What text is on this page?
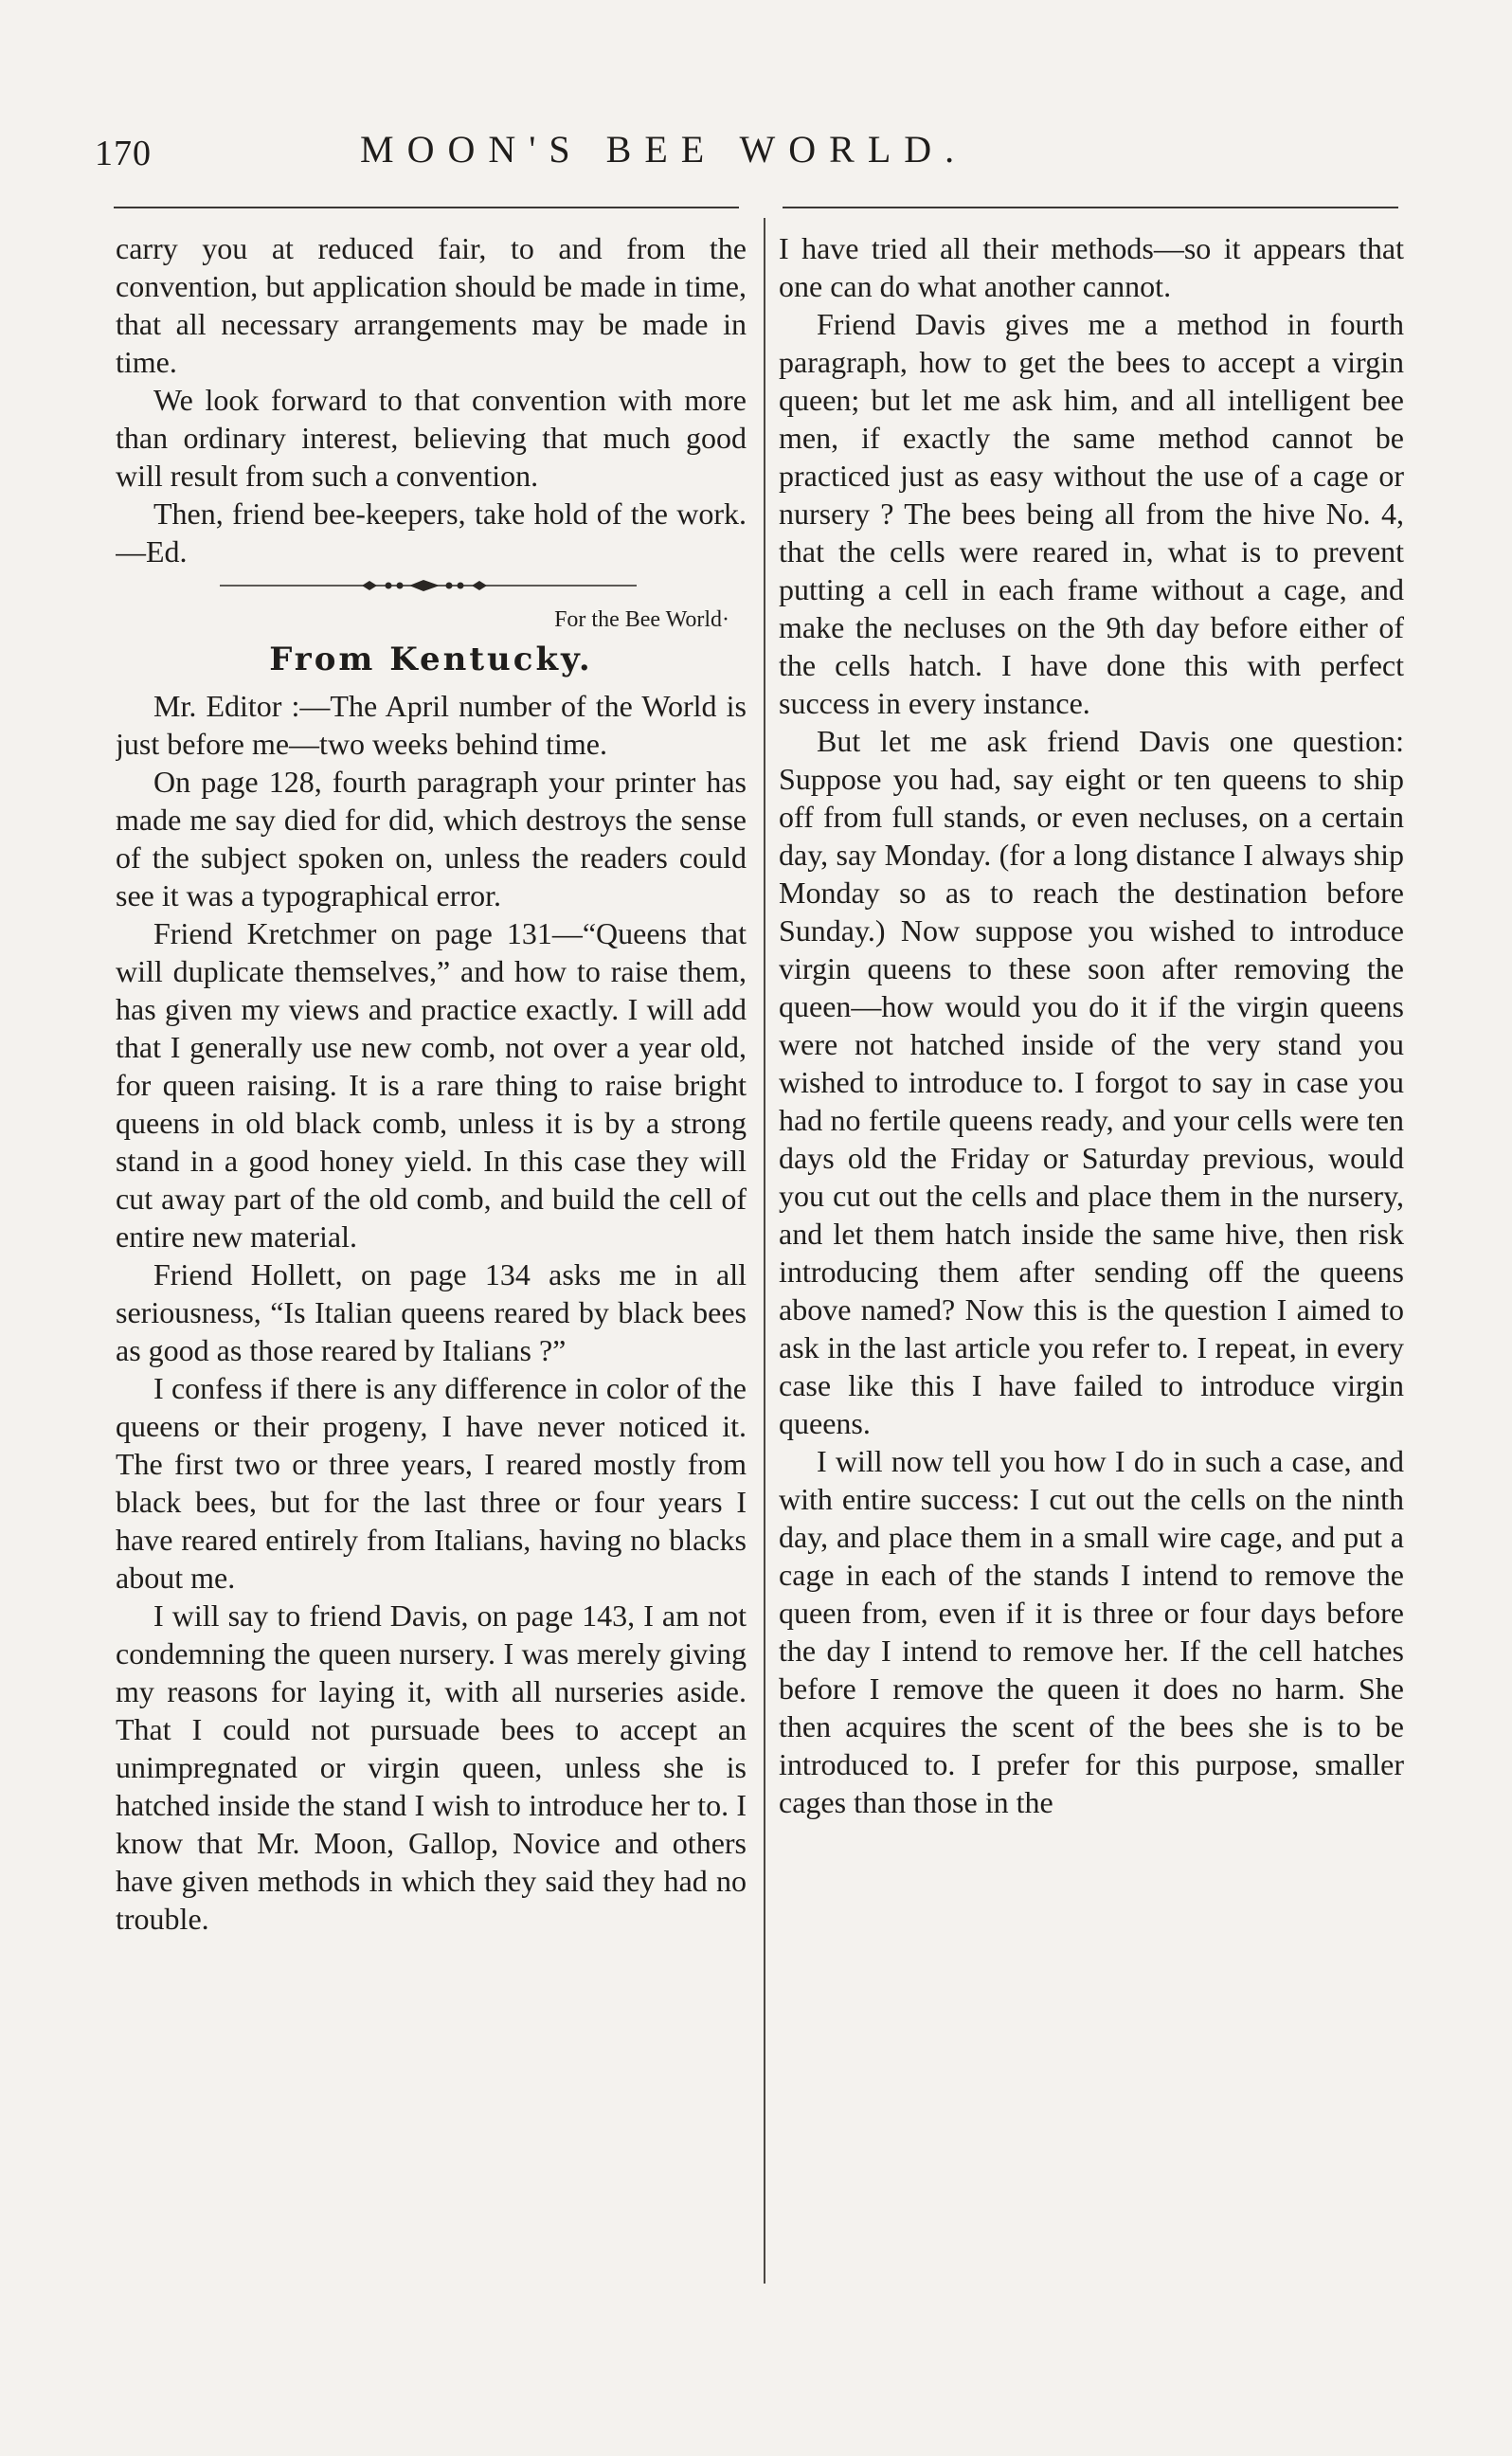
170	MOON'S BEE WORLD.

carry you at reduced fair, to and from the convention, but application should be made in time, that all necessary arrangements may be made in time.

We look forward to that convention with more than ordinary interest, believing that much good will result from such a convention.

Then, friend bee-keepers, take hold of the work.—Ed.

For the Bee World·
From Kentucky.

Mr. Editor :—The April number of the World is just before me—two weeks behind time.

On page 128, fourth paragraph your printer has made me say died for did, which destroys the sense of the subject spoken on, unless the readers could see it was a typographical error.

Friend Kretchmer on page 131—“Queens that will duplicate themselves,” and how to raise them, has given my views and practice exactly. I will add that I generally use new comb, not over a year old, for queen raising. It is a rare thing to raise bright queens in old black comb, unless it is by a strong stand in a good honey yield. In this case they will cut away part of the old comb, and build the cell of entire new material.

Friend Hollett, on page 134 asks me in all seriousness, “Is Italian queens reared by black bees as good as those reared by Italians ?”

I confess if there is any difference in color of the queens or their progeny, I have never noticed it. The first two or three years, I reared mostly from black bees, but for the last three or four years I have reared entirely from Italians, having no blacks about me.

I will say to friend Davis, on page 143, I am not condemning the queen nursery. I was merely giving my reasons for laying it, with all nurseries aside. That I could not pursuade bees to accept an unimpregnated or virgin queen, unless she is hatched inside the stand I wish to introduce her to. I know that Mr. Moon, Gallop, Novice and others have given methods in which they said they had no trouble.

I have tried all their methods—so it appears that one can do what another cannot.

Friend Davis gives me a method in fourth paragraph, how to get the bees to accept a virgin queen; but let me ask him, and all intelligent bee men, if exactly the same method cannot be practiced just as easy without the use of a cage or nursery ? The bees being all from the hive No. 4, that the cells were reared in, what is to prevent putting a cell in each frame without a cage, and make the necluses on the 9th day before either of the cells hatch. I have done this with perfect success in every instance.

But let me ask friend Davis one question: Suppose you had, say eight or ten queens to ship off from full stands, or even necluses, on a certain day, say Monday. (for a long distance I always ship Monday so as to reach the destination before Sunday.) Now suppose you wished to introduce virgin queens to these soon after removing the queen—how would you do it if the virgin queens were not hatched inside of the very stand you wished to introduce to. I forgot to say in case you had no fertile queens ready, and your cells were ten days old the Friday or Saturday previous, would you cut out the cells and place them in the nursery, and let them hatch inside the same hive, then risk introducing them after sending off the queens above named? Now this is the question I aimed to ask in the last article you refer to. I repeat, in every case like this I have failed to introduce virgin queens.

I will now tell you how I do in such a case, and with entire success: I cut out the cells on the ninth day, and place them in a small wire cage, and put a cage in each of the stands I intend to remove the queen from, even if it is three or four days before the day I intend to remove her. If the cell hatches before I remove the queen it does no harm. She then acquires the scent of the bees she is to be introduced to. I prefer for this purpose, smaller cages than those in the
